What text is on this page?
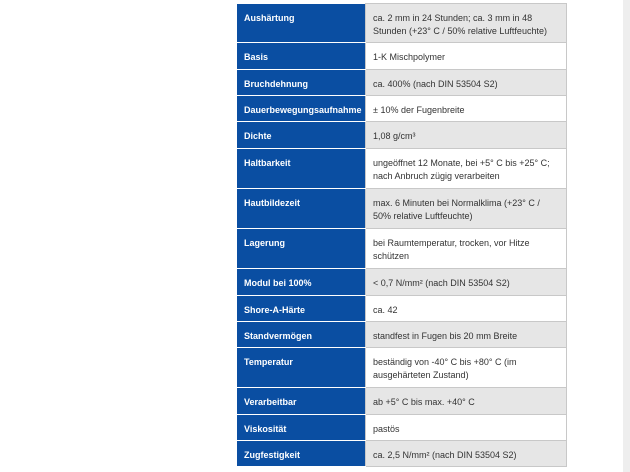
Aushärtung	ca. 2 mm in 24 Stunden; ca. 3 mm in 48 Stunden (+23° C / 50% relative Luftfeuchte)
Basis	1-K Mischpolymer
Bruchdehnung	ca. 400% (nach DIN 53504 S2)
Dauerbewegungsaufnahme	± 10% der Fugenbreite
Dichte	1,08 g/cm³
Haltbarkeit	ungeöffnet 12 Monate, bei +5° C bis +25° C; nach Anbruch zügig verarbeiten
Hautbildezeit	max. 6 Minuten bei Normalklima (+23° C / 50% relative Luftfeuchte)
Lagerung	bei Raumtemperatur, trocken, vor Hitze schützen
Modul bei 100%	< 0,7 N/mm² (nach DIN 53504 S2)
Shore-A-Härte	ca. 42
Standvermögen	standfest in Fugen bis 20 mm Breite
Temperatur	beständig von -40° C bis +80° C (im ausgehärteten Zustand)
Verarbeitbar	ab +5° C bis max. +40° C
Viskosität	pastös
Zugfestigkeit	ca. 2,5 N/mm² (nach DIN 53504 S2)
